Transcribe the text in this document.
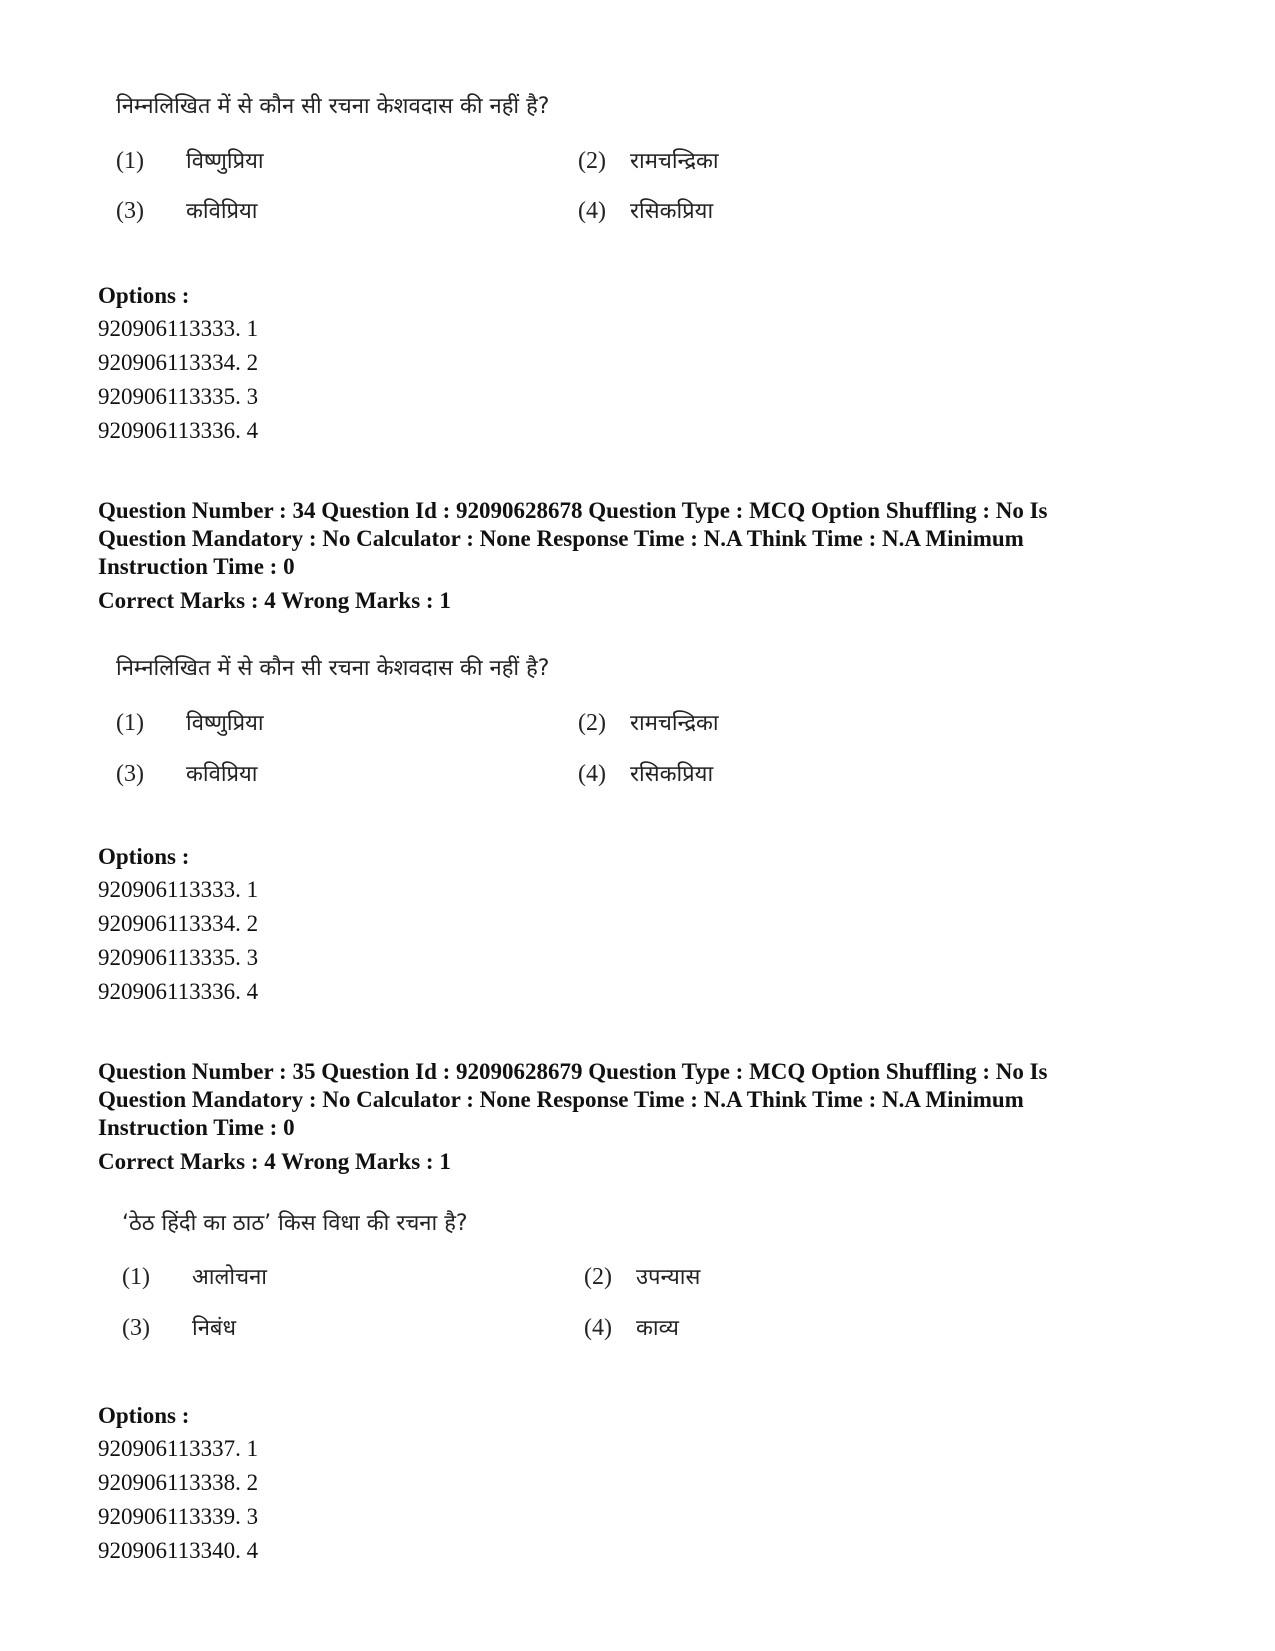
निम्नलिखित में से कौन सी रचना केशवदास की नहीं है?
(1) विष्णुप्रिया	(2) रामचन्द्रिका
(3) कविप्रिया	(4) रसिकप्रिया
Options :
920906113333. 1
920906113334. 2
920906113335. 3
920906113336. 4
Question Number : 34 Question Id : 92090628678 Question Type : MCQ Option Shuffling : No Is
Question Mandatory : No Calculator : None Response Time : N.A Think Time : N.A Minimum
Instruction Time : 0
Correct Marks : 4 Wrong Marks : 1
निम्नलिखित में से कौन सी रचना केशवदास की नहीं है?
(1) विष्णुप्रिया	(2) रामचन्द्रिका
(3) कविप्रिया	(4) रसिकप्रिया
Options :
920906113333. 1
920906113334. 2
920906113335. 3
920906113336. 4
Question Number : 35 Question Id : 92090628679 Question Type : MCQ Option Shuffling : No Is
Question Mandatory : No Calculator : None Response Time : N.A Think Time : N.A Minimum
Instruction Time : 0
Correct Marks : 4 Wrong Marks : 1
‘ठेठ हिंदी का ठाठ’ किस विधा की रचना है?
(1) आलोचना	(2) उपन्यास
(3) निबंध	(4) काव्य
Options :
920906113337. 1
920906113338. 2
920906113339. 3
920906113340. 4
